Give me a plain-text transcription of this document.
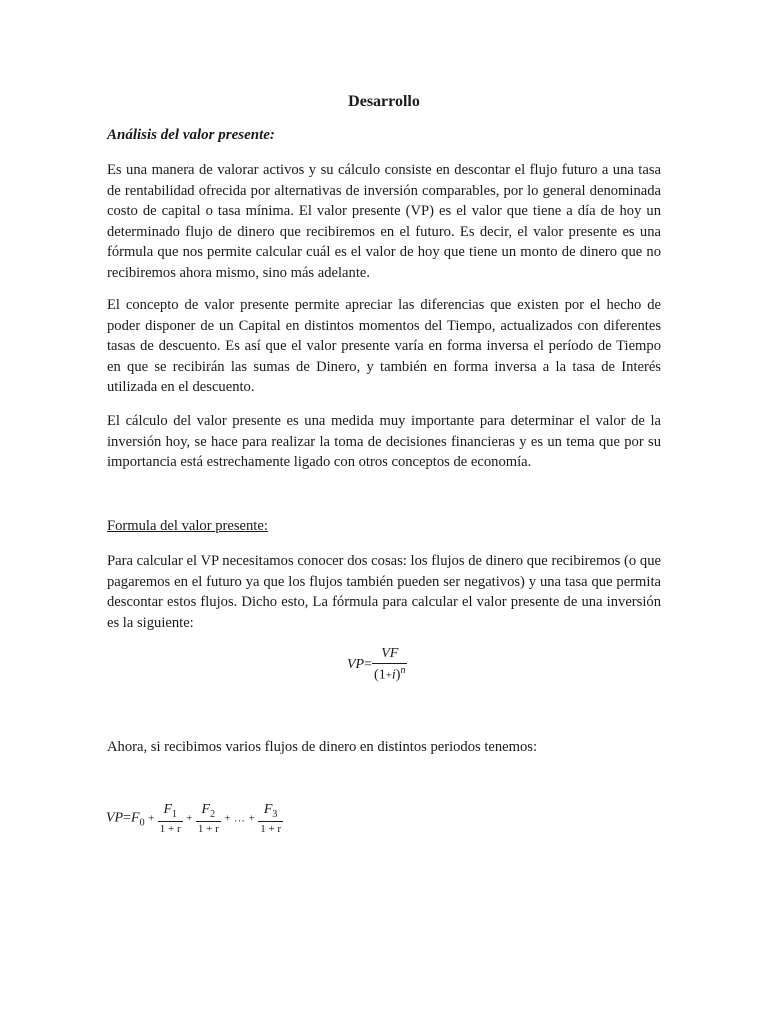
Desarrollo
Análisis del valor presente:

Es una manera de valorar activos y su cálculo consiste en descontar el flujo futuro a una tasa de rentabilidad ofrecida por alternativas de inversión comparables, por lo general denominada costo de capital o tasa mínima. El valor presente (VP) es el valor que tiene a día de hoy un determinado flujo de dinero que recibiremos en el futuro. Es decir, el valor presente es una fórmula que nos permite calcular cuál es el valor de hoy que tiene un monto de dinero que no recibiremos ahora mismo, sino más adelante.

El concepto de valor presente permite apreciar las diferencias que existen por el hecho de poder disponer de un Capital en distintos momentos del Tiempo, actualizados con diferentes tasas de descuento. Es así que el valor presente varía en forma inversa el período de Tiempo en que se recibirán las sumas de Dinero, y también en forma inversa a la tasa de Interés utilizada en el descuento.

El cálculo del valor presente es una medida muy importante para determinar el valor de la inversión hoy, se hace para realizar la toma de decisiones financieras y es un tema que por su importancia está estrechamente ligado con otros conceptos de economía.

Formula del valor presente:

Para calcular el VP necesitamos conocer dos cosas: los flujos de dinero que recibiremos (o que pagaremos en el futuro ya que los flujos también pueden ser negativos) y una tasa que permita descontar estos flujos. Dicho esto, La fórmula para calcular el valor presente de una inversión es la siguiente:

$VP= \frac{VF}{(1+i)^n}$

Ahora, si recibimos varios flujos de dinero en distintos periodos tenemos:

$VP=F_0 + \frac{F_1}{1 + r} + \frac{F_2}{1 + r}$ + … + $\frac{F_3}{1 + r}$
